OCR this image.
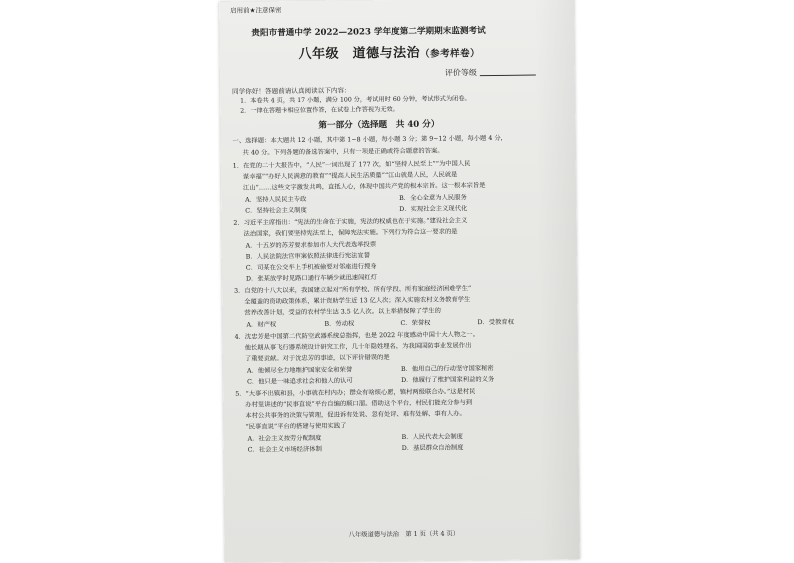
启用前★注意保密
贵阳市普通中学 2022—2023 学年度第二学期期末监测考试
八年级　道德与法治（参考样卷）
评价等级
同学你好！答题前请认真阅读以下内容：
1．本卷共 4 页，共 17 小题，满分 100 分，考试用时 60 分钟，考试形式为闭卷。
2．一律在答题卡相应位置作答，在试卷上作答视为无效。
第一部分（选择题　共 40 分）
一、选择题：本大题共 12 小题，其中第 1~8 小题，每小题 3 分；第 9~12 小题，每小题 4 分，
共 40 分。下列各题的备选答案中，只有一项是正确或符合题意的答案。
1．在党的二十大报告中，“人民”一词出现了 177 次，如“坚持人民至上”“为中国人民
谋幸福”“办好人民满意的教育”“提高人民生活质量”“江山就是人民，人民就是
江山”……这些文字激发共鸣，直抵人心，体现中国共产党的根本宗旨。这一根本宗旨是
A．坚持人民民主专政	B．全心全意为人民服务
C．坚持社会主义制度	D．实现社会主义现代化
2．习近平主席指出：“宪法的生命在于实施，宪法的权威也在于实施。”建设社会主义
法治国家，我们要坚持宪法至上，保障宪法实施。下列行为符合这一要求的是
A．十五岁的苏芳要求参加市人大代表选举投票
B．人民法院法官审案依照法律进行宪法宣誓
C．司某在公交车上手机被偷要对邻座进行搜身
D．张某放学时见路口通行车辆少就迅速闯红灯
3．自党的十八大以来，我国建立起对“所有学校、所有学段、所有家庭经济困难学生”
全覆盖的资助政策体系，累计资助学生近 13 亿人次；深入实施农村义务教育学生
营养改善计划，受益的农村学生达 3.5 亿人次。以上举措保障了学生的
A．财产权	B．劳动权	C．荣誉权	D．受教育权
4．沈忠芳是中国第二代防空武器系统总指挥，也是 2022 年度感动中国十大人物之一。
他长期从事飞行器系统设计研究工作，几十年隐姓埋名，为我国国防事业发展作出
了重要贡献。对于沈忠芳的事迹，以下评价错误的是
A．他倾尽全力地维护国家安全和荣誉	B．他用自己的行动坚守国家秘密
C．他只是一味追求社会和他人的认可	D．他履行了维护国家利益的义务
5．“大事不出镇和县，小事就在村内办；群众有啥烦心愿，镇村两级联合办。”这是村民
办村里讲述的“民事直说”平台自编的顺口溜。借助这个平台，村民们能充分参与到
本村公共事务的决策与管理，促进诉有处说、忽有处评、难有处解、事有人办。
“民事直说”平台的搭建与使用实践了
A．社会主义按劳分配制度	B．人民代表大会制度
C．社会主义市场经济体制	D．基层群众自治制度
八年级道德与法治　第 1 页（共 4 页）
